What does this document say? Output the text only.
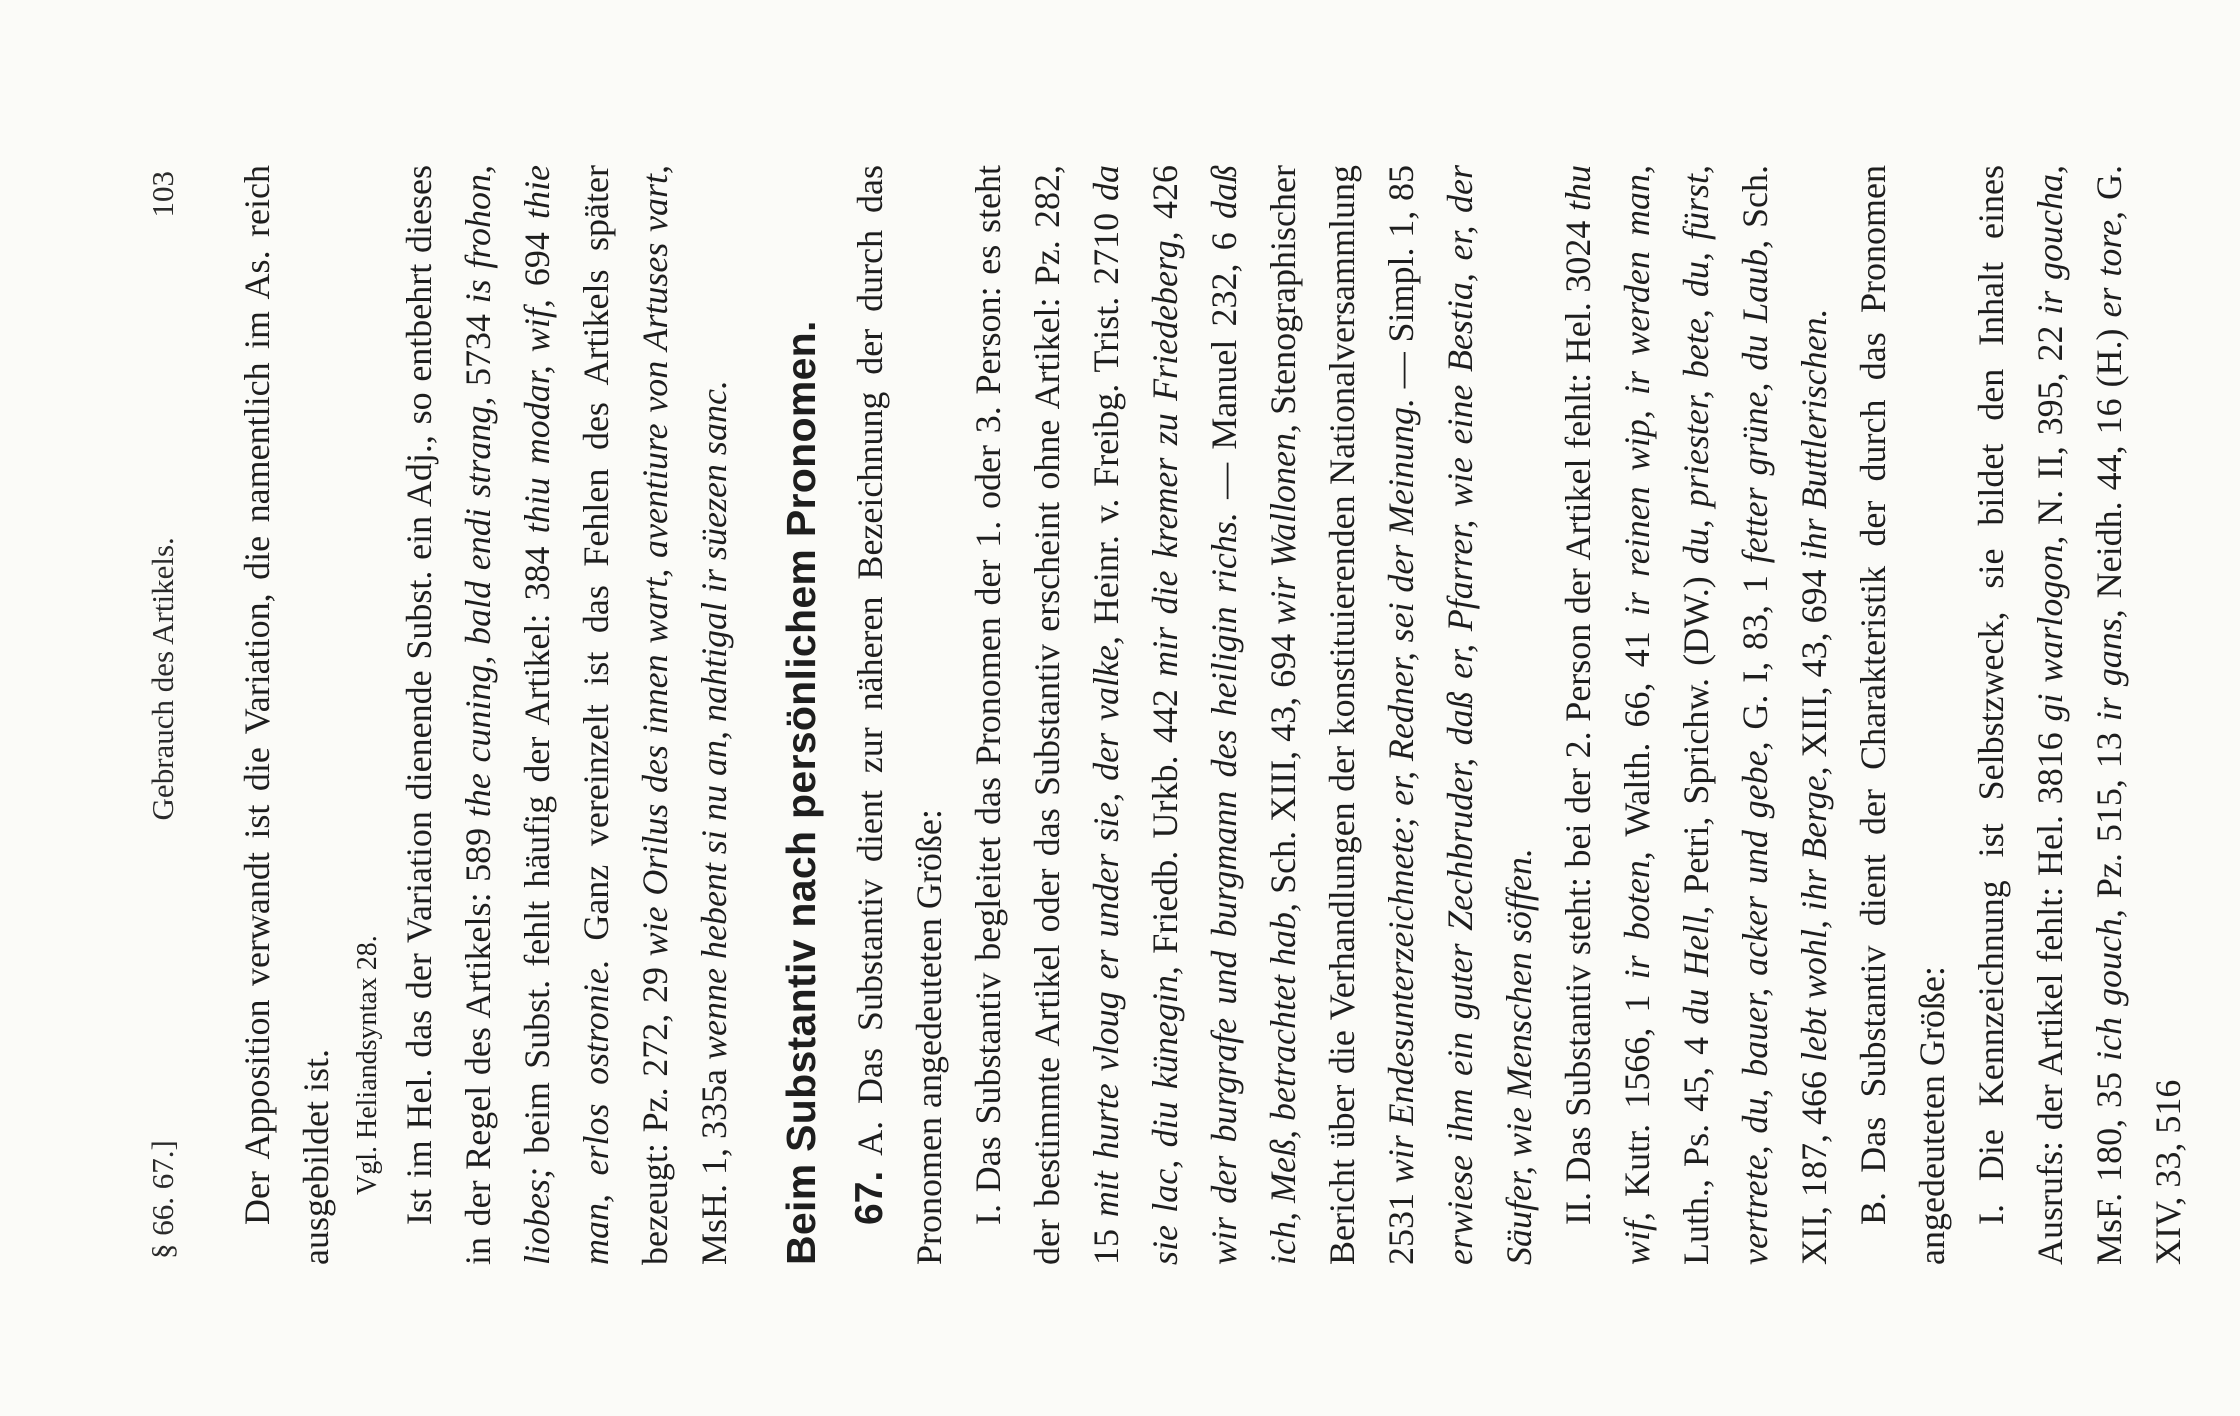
§ 66. 67.]
Gebrauch des Artikels.
103 Der Apposition verwandt ist die Variation, die namentlich im As. reich ausgebildet ist. Vgl. Heliandsyntax 28. Ist im Hel. das der Variation dienende Subst. ein Adj., so entbehrt dieses in der Regel des Artikels: 589 the cuning, bald endi strang, 5734 is frohon, liobes; beim Subst. fehlt häufig der Artikel: 384 thiu modar, wif, 694 thie man, erlos ostronie. Ganz vereinzelt ist das Fehlen des Artikels später bezeugt: Pz. 272, 29 wie Orilus des innen wart, aventiure von Artuses vart, MsH. 1, 335a wenne hebent si nu an, nahtigal ir süezen sanc. Beim Substantiv nach persönlichem Pronomen. 67. A. Das Substantiv dient zur näheren Bezeichnung der durch das Pronomen angedeuteten Größe: I. Das Substantiv begleitet das Pronomen der 1. oder 3. Person: es steht der bestimmte Artikel oder das Substantiv erscheint ohne Artikel: Pz. 282, 15 mit hurte vloug er under sie, der valke, Heinr. v. Freibg. Trist. 2710 da sie lac, diu künegin, Friedb. Urkb. 442 mir die kremer zu Friedeberg, 426 wir der burgrafe und burgmann des heiligin richs. — Manuel 232, 6 daß ich, Meß, betrachtet hab, Sch. XIII, 43, 694 wir Wallonen, Stenographischer Bericht über die Verhandlungen der konstituierenden Nationalversammlung 2531 wir Endesunterzeichnete; er, Redner, sei der Meinung. — Simpl. 1, 85 erwiese ihm ein guter Zechbruder, daß er, Pfarrer, wie eine Bestia, er, der Säufer, wie Menschen söffen. II. Das Substantiv steht: bei der 2. Person der Artikel fehlt: Hel. 3024 thu wif, Kutr. 1566, 1 ir boten, Walth. 66, 41 ir reinen wip, ir werden man, Luth., Ps. 45, 4 du Hell, Petri, Sprichw. (DW.) du, priester, bete, du, fürst, vertrete, du, bauer, acker und gebe, G. I, 83, 1 fetter grüne, du Laub, Sch. XII, 187, 466 lebt wohl, ihr Berge, XIII, 43, 694 ihr Buttlerischen. B. Das Substantiv dient der Charakteristik der durch das Pronomen angedeuteten Größe: I. Die Kennzeichnung ist Selbstzweck, sie bildet den Inhalt eines Ausrufs: der Artikel fehlt: Hel. 3816 gi warlogon, N. II, 395, 22 ir goucha, MsF. 180, 35 ich gouch, Pz. 515, 13 ir gans, Neidh. 44, 16 (H.) er tore, G. XIV, 33, 516
